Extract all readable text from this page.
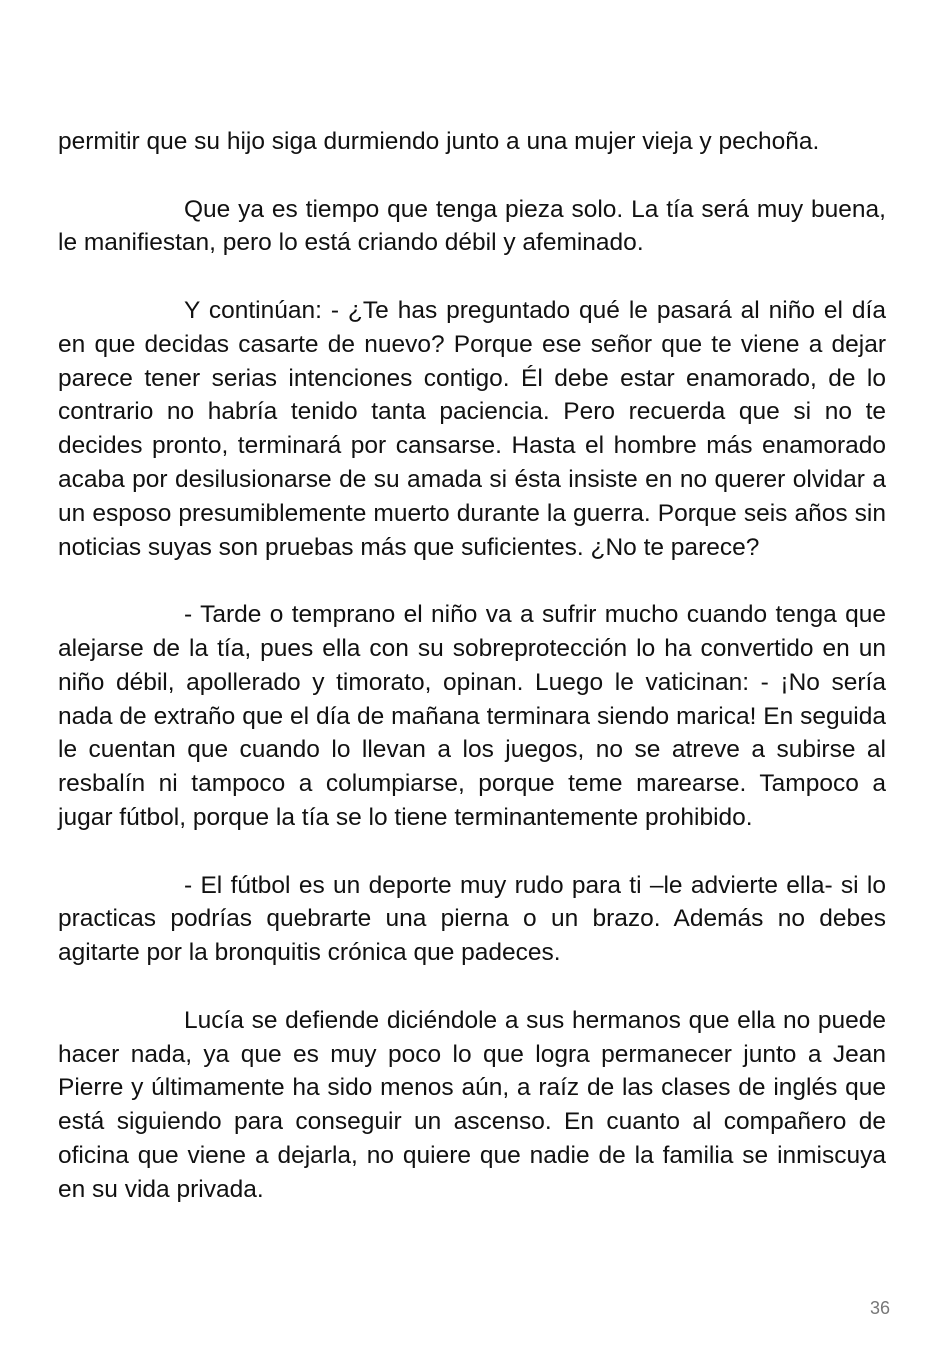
permitir que su hijo siga durmiendo junto a una mujer vieja y pechoña.

Que ya es tiempo que tenga pieza solo. La tía será muy buena, le manifiestan, pero lo está criando débil y afeminado.

Y continúan: - ¿Te has preguntado qué le pasará al niño el día en que decidas casarte de nuevo? Porque ese señor que te viene a dejar parece tener serias intenciones contigo. Él debe estar enamorado, de lo contrario no habría tenido tanta paciencia. Pero recuerda que si no te decides pronto, terminará por cansarse. Hasta el hombre más enamorado acaba por desilusionarse de su amada si ésta insiste en no querer olvidar a un esposo presumiblemente muerto durante la guerra. Porque seis años sin noticias suyas son pruebas más que suficientes. ¿No te parece?

- Tarde o temprano el niño va a sufrir mucho cuando tenga que alejarse de la tía, pues ella con su sobreprotección lo ha convertido en un niño débil, apollerado y timorato, opinan. Luego le vaticinan: - ¡No sería nada de extraño que el día de mañana terminara siendo marica! En seguida le cuentan que cuando lo llevan a los juegos, no se atreve a subirse al resbalín ni tampoco a columpiarse, porque teme marearse. Tampoco a jugar fútbol, porque la tía se lo tiene terminantemente prohibido.

- El fútbol es un deporte muy rudo para ti –le advierte ella- si lo practicas podrías quebrarte una pierna o un brazo. Además no debes agitarte por la bronquitis crónica que padeces.

Lucía se defiende diciéndole a sus hermanos que ella no puede hacer nada, ya que es muy poco lo que logra permanecer junto a Jean Pierre y últimamente ha sido menos aún, a raíz de las clases de inglés que está siguiendo para conseguir un ascenso. En cuanto al compañero de oficina que viene a dejarla, no quiere que nadie de la familia se inmiscuya en su vida privada.

36
